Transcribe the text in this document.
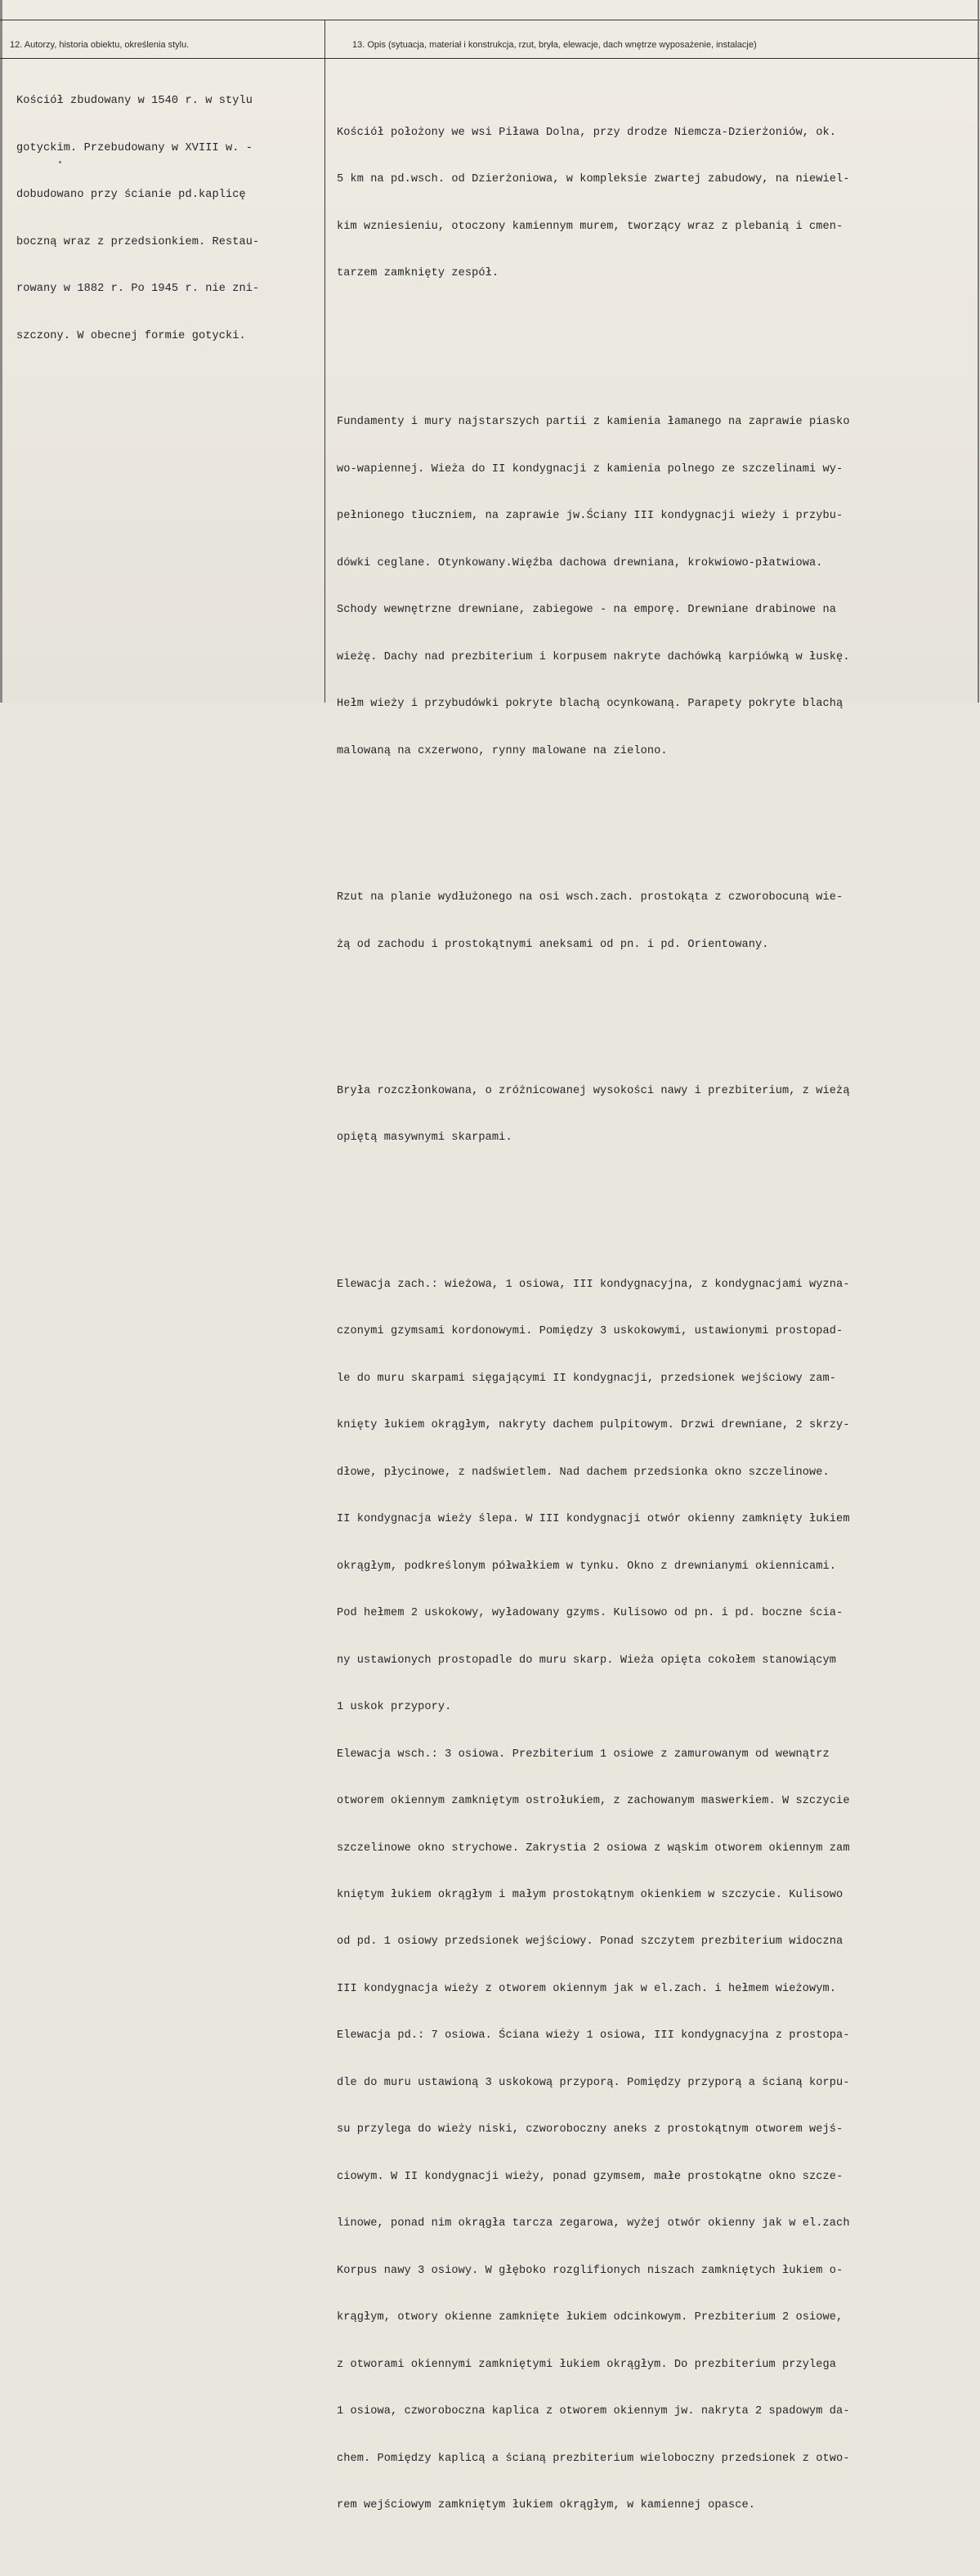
12. Autorzy, historia obiektu, określenia stylu.	13. Opis (sytuacja, materiał i konstrukcja, rzut, bryła, elewacje, dach wnętrze wyposażenie, instalacje)

Kościół zbudowany w 1540 r. w stylu

gotyckim. Przebudowany w XVIII w. -

dobudowano przy ścianie pd.kaplicę

boczną wraz z przedsionkiem. Restau-

rowany w 1882 r. Po 1945 r. nie zni-

szczony. W obecnej formie gotycki.

Kościół położony we wsi Piława Dolna, przy drodze Niemcza-Dzierżoniów, ok.

5 km na pd.wsch. od Dzierżoniowa, w kompleksie zwartej zabudowy, na niewiel-

kim wzniesieniu, otoczony kamiennym murem, tworzący wraz z plebanią i cmen-

tarzem zamknięty zespół.

Fundamenty i mury najstarszych partii z kamienia łamanego na zaprawie piasko

wo-wapiennej. Wieża do II kondygnacji z kamienia polnego ze szczelinami wy-

pełnionego tłuczniem, na zaprawie jw.Ściany III kondygnacji wieży i przybu-

dówki ceglane. Otynkowany.Więźba dachowa drewniana, krokwiowo-płatwiowa.

Schody wewnętrzne drewniane, zabiegowe - na emporę. Drewniane drabinowe na

wieżę. Dachy nad prezbiterium i korpusem nakryte dachówką karpiówką w łuskę.

Hełm wieży i przybudówki pokryte blachą ocynkowaną. Parapety pokryte blachą

malowaną na cxzerwono, rynny malowane na zielono.

Rzut na planie wydłużonego na osi wsch.zach. prostokąta z czworobocuną wie-

żą od zachodu i prostokątnymi aneksami od pn. i pd. Orientowany.

Bryła rozczłonkowana, o zróżnicowanej wysokości nawy i prezbiterium, z wieżą

opiętą masywnymi skarpami.

Elewacja zach.: wieżowa, 1 osiowa, III kondygnacyjna, z kondygnacjami wyzna-

czonymi gzymsami kordonowymi. Pomiędzy 3 uskokowymi, ustawionymi prostopad-

le do muru skarpami sięgającymi II kondygnacji, przedsionek wejściowy zam-

knięty łukiem okrągłym, nakryty dachem pulpitowym. Drzwi drewniane, 2 skrzy-

dłowe, płycinowe, z nadświetlem. Nad dachem przedsionka okno szczelinowe.

II kondygnacja wieży ślepa. W III kondygnacji otwór okienny zamknięty łukiem

okrągłym, podkreślonym półwałkiem w tynku. Okno z drewnianymi okiennicami.

Pod hełmem 2 uskokowy, wyładowany gzyms. Kulisowo od pn. i pd. boczne ścia-

ny ustawionych prostopadle do muru skarp. Wieża opięta cokołem stanowiącym

1 uskok przypory.

Elewacja wsch.: 3 osiowa. Prezbiterium 1 osiowe z zamurowanym od wewnątrz

otworem okiennym zamkniętym ostrołukiem, z zachowanym maswerkiem. W szczycie

szczelinowe okno strychowe. Zakrystia 2 osiowa z wąskim otworem okiennym zam

kniętym łukiem okrągłym i małym prostokątnym okienkiem w szczycie. Kulisowo

od pd. 1 osiowy przedsionek wejściowy. Ponad szczytem prezbiterium widoczna

III kondygnacja wieży z otworem okiennym jak w el.zach. i hełmem wieżowym.

Elewacja pd.: 7 osiowa. Ściana wieży 1 osiowa, III kondygnacyjna z prostopa-

dle do muru ustawioną 3 uskokową przyporą. Pomiędzy przyporą a ścianą korpu-

su przylega do wieży niski, czworoboczny aneks z prostokątnym otworem wejś-

ciowym. W II kondygnacji wieży, ponad gzymsem, małe prostokątne okno szcze-

linowe, ponad nim okrągła tarcza zegarowa, wyżej otwór okienny jak w el.zach

Korpus nawy 3 osiowy. W głęboko rozglifionych niszach zamkniętych łukiem o-

krągłym, otwory okienne zamknięte łukiem odcinkowym. Prezbiterium 2 osiowe,

z otworami okiennymi zamkniętymi łukiem okrągłym. Do prezbiterium przylega

1 osiowa, czworoboczna kaplica z otworem okiennym jw. nakryta 2 spadowym da-

chem. Pomiędzy kaplicą a ścianą prezbiterium wieloboczny przedsionek z otwo-

rem wejściowym zamkniętym łukiem okrągłym, w kamiennej opasce.
